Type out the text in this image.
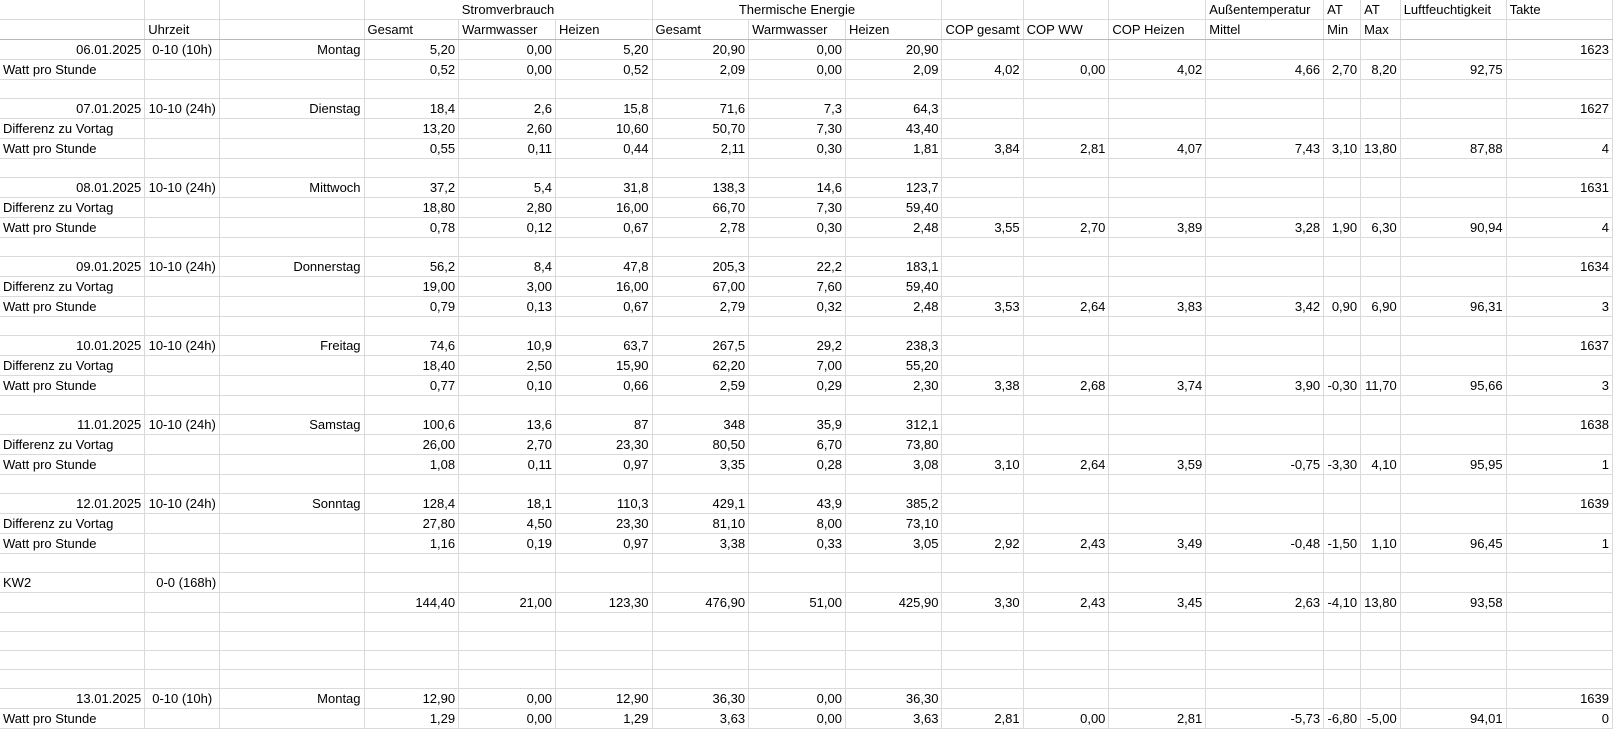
			Stromverbrauch			Thermische Energie						Außentemperatur	AT	AT	Luftfeuchtigkeit	Takte
	Uhrzeit		Gesamt	Warmwasser	Heizen	Gesamt	Warmwasser	Heizen	COP gesamt	COP WW	COP Heizen	Mittel	Min	Max		
06.01.2025	0-10 (10h)	Montag	5,20	0,00	5,20	20,90	0,00	20,90								1623
Watt pro Stunde			0,52	0,00	0,52	2,09	0,00	2,09	4,02	0,00	4,02	4,66	2,70	8,20	92,75	

07.01.2025	10-10 (24h)	Dienstag	18,4	2,6	15,8	71,6	7,3	64,3								1627
Differenz zu Vortag			13,20	2,60	10,60	50,70	7,30	43,40								
Watt pro Stunde			0,55	0,11	0,44	2,11	0,30	1,81	3,84	2,81	4,07	7,43	3,10	13,80	87,88	4

08.01.2025	10-10 (24h)	Mittwoch	37,2	5,4	31,8	138,3	14,6	123,7								1631
Differenz zu Vortag			18,80	2,80	16,00	66,70	7,30	59,40								
Watt pro Stunde			0,78	0,12	0,67	2,78	0,30	2,48	3,55	2,70	3,89	3,28	1,90	6,30	90,94	4

09.01.2025	10-10 (24h)	Donnerstag	56,2	8,4	47,8	205,3	22,2	183,1								1634
Differenz zu Vortag			19,00	3,00	16,00	67,00	7,60	59,40								
Watt pro Stunde			0,79	0,13	0,67	2,79	0,32	2,48	3,53	2,64	3,83	3,42	0,90	6,90	96,31	3

10.01.2025	10-10 (24h)	Freitag	74,6	10,9	63,7	267,5	29,2	238,3								1637
Differenz zu Vortag			18,40	2,50	15,90	62,20	7,00	55,20								
Watt pro Stunde			0,77	0,10	0,66	2,59	0,29	2,30	3,38	2,68	3,74	3,90	-0,30	11,70	95,66	3

11.01.2025	10-10 (24h)	Samstag	100,6	13,6	87	348	35,9	312,1								1638
Differenz zu Vortag			26,00	2,70	23,30	80,50	6,70	73,80								
Watt pro Stunde			1,08	0,11	0,97	3,35	0,28	3,08	3,10	2,64	3,59	-0,75	-3,30	4,10	95,95	1

12.01.2025	10-10 (24h)	Sonntag	128,4	18,1	110,3	429,1	43,9	385,2								1639
Differenz zu Vortag			27,80	4,50	23,30	81,10	8,00	73,10								
Watt pro Stunde			1,16	0,19	0,97	3,38	0,33	3,05	2,92	2,43	3,49	-0,48	-1,50	1,10	96,45	1

KW2	0-0 (168h)															
			144,40	21,00	123,30	476,90	51,00	425,90	3,30	2,43	3,45	2,63	-4,10	13,80	93,58	

13.01.2025	0-10 (10h)	Montag	12,90	0,00	12,90	36,30	0,00	36,30								1639
Watt pro Stunde			1,29	0,00	1,29	3,63	0,00	3,63	2,81	0,00	2,81	-5,73	-6,80	-5,00	94,01	0
